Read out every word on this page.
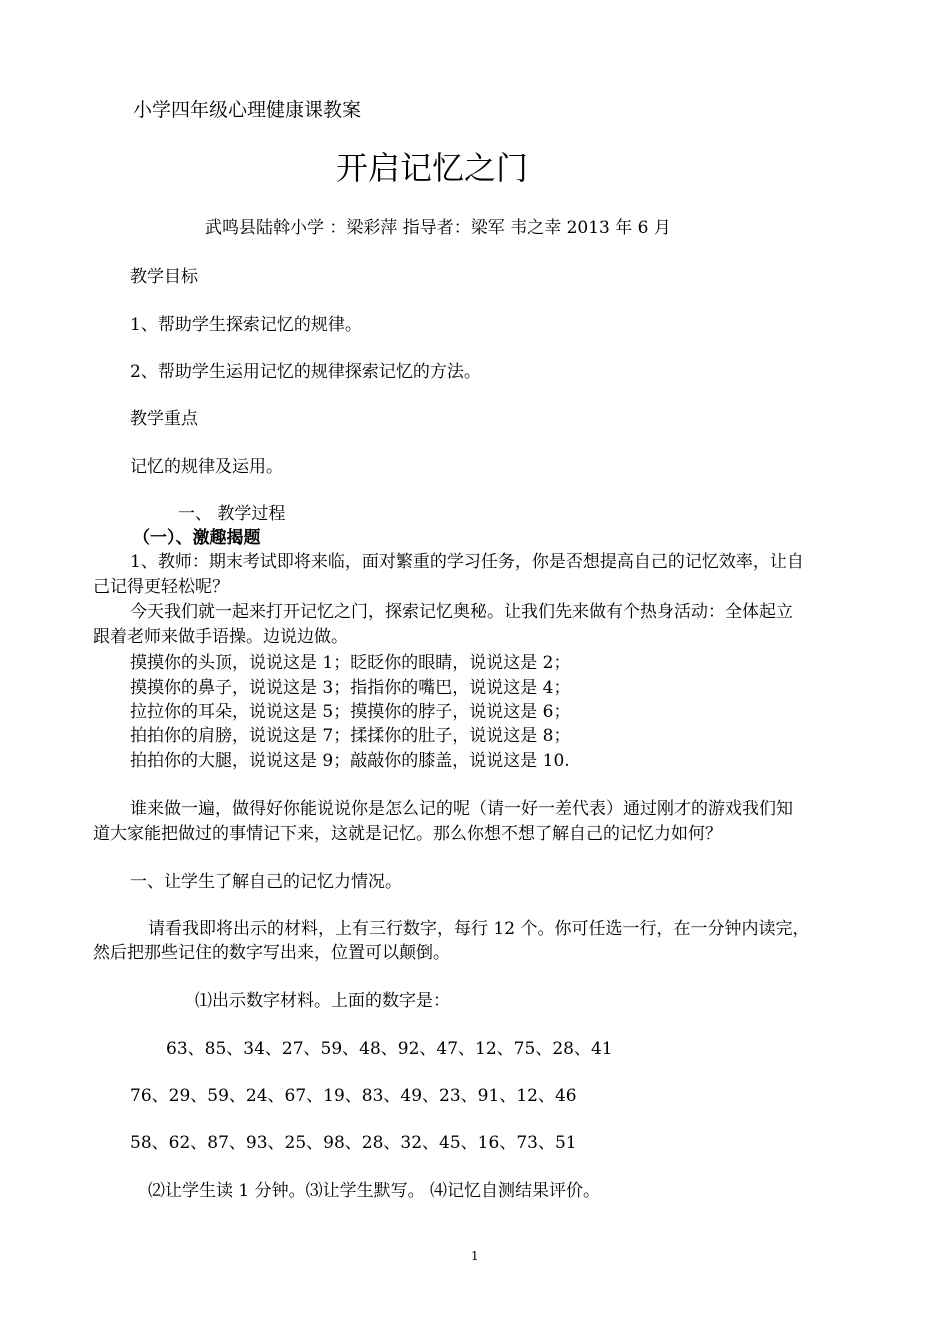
小学四年级心理健康课教案
开启记忆之门
武鸣县陆斡小学 ：梁彩萍 指导者：梁军 韦之幸 2013 年 6 月
教学目标
1、帮助学生探索记忆的规律。
2、帮助学生运用记忆的规律探索记忆的方法。
教学重点
记忆的规律及运用。
一、 教学过程
（一）、激趣揭题
1、教师：期末考试即将来临，面对繁重的学习任务，你是否想提高自己的记忆效率，让自
己记得更轻松呢？
今天我们就一起来打开记忆之门，探索记忆奥秘。让我们先来做有个热身活动：全体起立
跟着老师来做手语操。边说边做。
摸摸你的头顶，说说这是 1；眨眨你的眼睛，说说这是 2；
摸摸你的鼻子，说说这是 3；指指你的嘴巴，说说这是 4；
拉拉你的耳朵，说说这是 5；摸摸你的脖子，说说这是 6；
拍拍你的肩膀，说说这是 7；揉揉你的肚子，说说这是 8；
拍拍你的大腿，说说这是 9；敲敲你的膝盖，说说这是 10.
谁来做一遍，做得好你能说说你是怎么记的呢（请一好一差代表）通过刚才的游戏我们知
道大家能把做过的事情记下来，这就是记忆。那么你想不想了解自己的记忆力如何？
一、让学生了解自己的记忆力情况。
请看我即将出示的材料，上有三行数字，每行 12 个。你可任选一行，在一分钟内读完，
然后把那些记住的数字写出来，位置可以颠倒。
⑴出示数字材料。上面的数字是：
63、85、34、27、59、48、92、47、12、75、28、41
76、29、59、24、67、19、83、49、23、91、12、46
58、62、87、93、25、98、28、32、45、16、73、51
⑵让学生读 1 分钟。⑶让学生默写。 ⑷记忆自测结果评价。
1
